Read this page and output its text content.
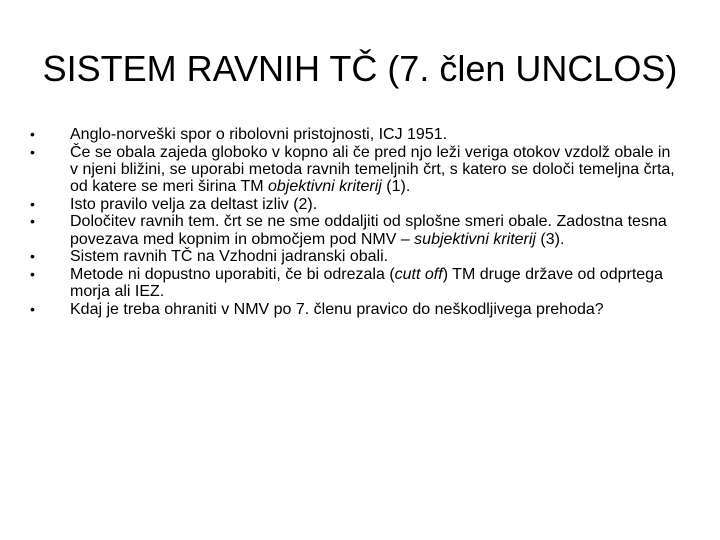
SISTEM RAVNIH TČ (7. člen UNCLOS)
•	Anglo-norveški spor o ribolovni pristojnosti, ICJ 1951.
•	Če se obala zajeda globoko v kopno ali če pred njo leži veriga otokov vzdolž obale in v njeni bližini, se uporabi metoda ravnih temeljnih črt, s katero se določi temeljna črta, od katere se meri širina TM objektivni kriterij (1).
•	Isto pravilo velja za deltast izliv (2).
•	Določitev ravnih tem. črt se ne sme oddaljiti od splošne smeri obale. Zadostna tesna povezava med kopnim in območjem pod NMV – subjektivni kriterij (3).
•	Sistem ravnih TČ na Vzhodni jadranski obali.
•	Metode ni dopustno uporabiti, če bi odrezala (cutt off) TM druge države od odprtega morja ali IEZ.
•	Kdaj je treba ohraniti v NMV po 7. členu pravico do neškodljivega prehoda?
